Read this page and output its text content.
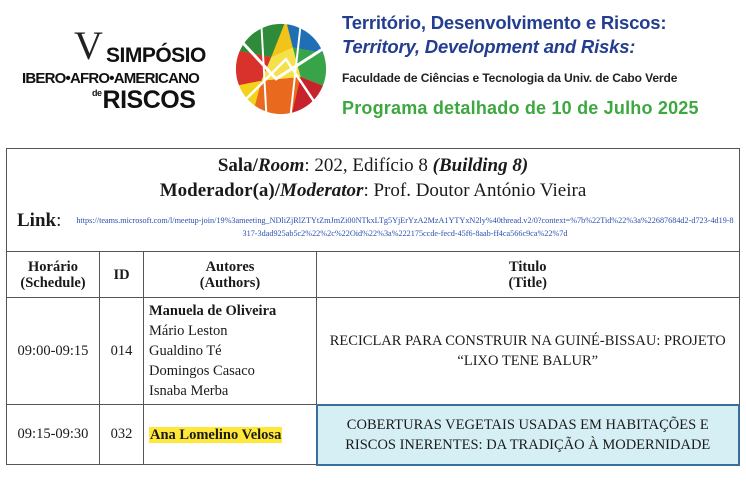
V SIMPÓSIO
IBERO•AFRO•AMERICANO
$^{de}$RISCOS
Território, Desenvolvimento e Riscos:
Territory, Development and Risks:
Faculdade de Ciências e Tecnologia da Univ. de Cabo Verde
Programa detalhado de 10 de Julho 2025
Sala/Room: 202, Edifício 8 (Building 8)
Moderador(a)/Moderator: Prof. Doutor António Vieira
Link: https://teams.microsoft.com/l/meetup-join/19%3ameeting_NDliZjRlZTYtZmJmZi00NTkxLTg5YjErYzA2MzA1YTYxN2ly%40thread.v2/0?context=%7b%22Tid%22%3a%22687684d2-d723-4d19-8317-3dad925ab5c2%22%2c%22Oid%22%3a%222175ccde-fecd-45f6-8aab-ff4ca566c9ca%22%7d
Horário
(Schedule)	ID	Autores
(Authors)	Titulo
(Title)
09:00-09:15	014	Manuela de Oliveira
Mário Leston
Gualdino Té
Domingos Casaco
Isnaba Merba	RECICLAR PARA CONSTRUIR NA GUINÉ-BISSAU: PROJETO “LIXO TENE BALUR”
09:15-09:30	032	Ana Lomelino Velosa	COBERTURAS VEGETAIS USADAS EM HABITAÇÕES E RISCOS INERENTES: DA TRADIÇÃO À MODERNIDADE
